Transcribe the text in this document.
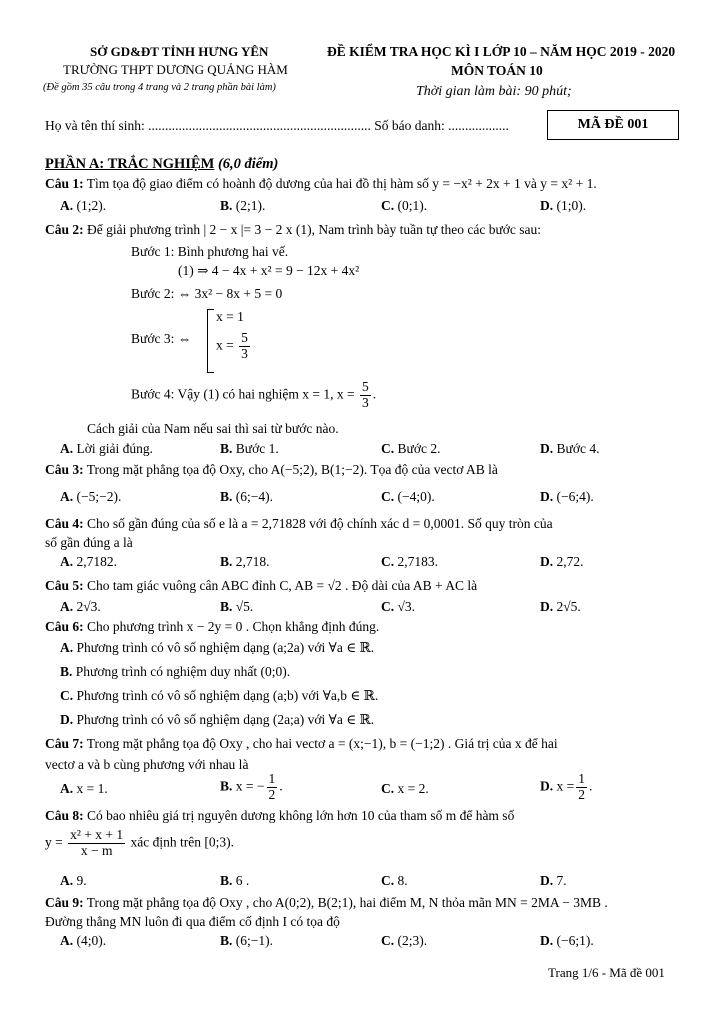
SỞ GD&ĐT TỈNH HƯNG YÊN
TRƯỜNG THPT DƯƠNG QUẢNG HÀM
(Đề gồm 35 câu trong 4 trang và 2 trang phần bài làm)
ĐỀ KIỂM TRA HỌC KÌ I LỚP 10 – NĂM HỌC 2019 - 2020
MÔN TOÁN 10
Thời gian làm bài: 90 phút;
Họ và tên thí sinh: .................................................................. Số báo danh: ..................	MÃ ĐỀ 001
PHẦN A: TRẮC NGHIỆM (6,0 điểm)
Câu 1: Tìm tọa độ giao điểm có hoành độ dương của hai đồ thị hàm số y = −x² + 2x + 1 và y = x² + 1.
A. (1;2).	B. (2;1).	C. (0;1).	D. (1;0).
Câu 2: Để giải phương trình | 2 − x |= 3 − 2 x (1), Nam trình bày tuần tự theo các bước sau:
Bước 1: Bình phương hai vế.
(1) ⇒ 4 − 4x + x² = 9 − 12x + 4x²
Bước 2: ⇔ 3x² − 8x + 5 = 0
Bước 3: ⇔
x = 1
$x = \frac{5}{3}$
Bước 4: Vậy (1) có hai nghiệm x = 1, $x = \frac{5}{3}$ .
Cách giải của Nam nếu sai thì sai từ bước nào.
A. Lời giải đúng.	B. Bước 1.	C. Bước 2.	D. Bước 4.
Câu 3: Trong mặt phẳng tọa độ Oxy, cho A(−5;2), B(1;−2). Tọa độ của vectơ AB là
A. (−5;−2).	B. (6;−4).	C. (−4;0).	D. (−6;4).
Câu 4: Cho số gần đúng của số e là a = 2,71828 với độ chính xác d = 0,0001. Số quy tròn của
số gần đúng a là
A. 2,7182.	B. 2,718.	C. 2,7183.	D. 2,72.
Câu 5: Cho tam giác vuông cân ABC đỉnh C, AB = √2 . Độ dài của AB + AC là
A. 2√3.	B. √5.	C. √3.	D. 2√5.
Câu 6: Cho phương trình x − 2y = 0 . Chọn khẳng định đúng.
A. Phương trình có vô số nghiệm dạng (a;2a) với ∀a ∈ ℝ.
B. Phương trình có nghiệm duy nhất (0;0).
C. Phương trình có vô số nghiệm dạng (a;b) với ∀a,b ∈ ℝ.
D. Phương trình có vô số nghiệm dạng (2a;a) với ∀a ∈ ℝ.
Câu 7: Trong mặt phẳng tọa độ Oxy , cho hai vectơ a = (x;−1), b = (−1;2) . Giá trị của x để hai
vectơ a và b cùng phương với nhau là
A. x = 1.	B. x = − $\frac{1}{2}$ .	C. x = 2.	D. $x = \frac{1}{2}$ .
Câu 8: Có bao nhiêu giá trị nguyên dương không lớn hơn 10 của tham số m để hàm số
$y = \frac{\text{x² + x + 1}}{x - m}$ xác định trên [0;3).
A. 9.	B. 6 .	C. 8.	D. 7.
Câu 9: Trong mặt phẳng tọa độ Oxy , cho A(0;2), B(2;1), hai điểm M, N thỏa mãn MN = 2MA − 3MB .
Đường thẳng MN luôn đi qua điểm cố định I có tọa độ
A. (4;0).	B. (6;−1).	C. (2;3).	D. (−6;1).
Trang 1/6 - Mã đề 001
